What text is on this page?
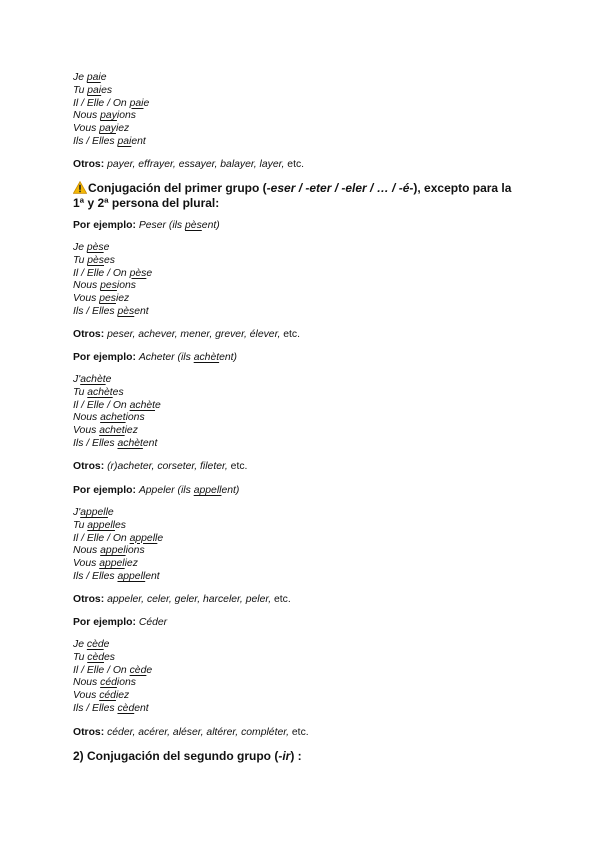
Je paie
Tu paies
Il / Elle / On paie
Nous payions
Vous payiez
Ils / Elles paient
Otros: payer, effrayer, essayer, balayer, layer, etc.
Conjugación del primer grupo (-eser / -eter / -eler / … / -é-), excepto para la
1ª y 2ª persona del plural:
Por ejemplo: Peser (ils pèsent)
Je pèse
Tu pèses
Il / Elle / On pèse
Nous pesions
Vous pesiez
Ils / Elles pèsent
Otros: peser, achever, mener, grever, élever, etc.
Por ejemplo: Acheter (ils achètent)
J'achète
Tu achètes
Il / Elle / On achète
Nous achetions
Vous achetiez
Ils / Elles achètent
Otros: (r)acheter, corseter, fileter, etc.
Por ejemplo: Appeler (ils appellent)
J'appelle
Tu appelles
Il / Elle / On appelle
Nous appelions
Vous appeliez
Ils / Elles appellent
Otros: appeler, celer, geler, harceler, peler, etc.
Por ejemplo: Céder
Je cède
Tu cèdes
Il / Elle / On cède
Nous cédions
Vous cédiez
Ils / Elles cèdent
Otros: céder, acérer, aléser, altérer, compléter, etc.
2) Conjugación del segundo grupo (-ir) :
